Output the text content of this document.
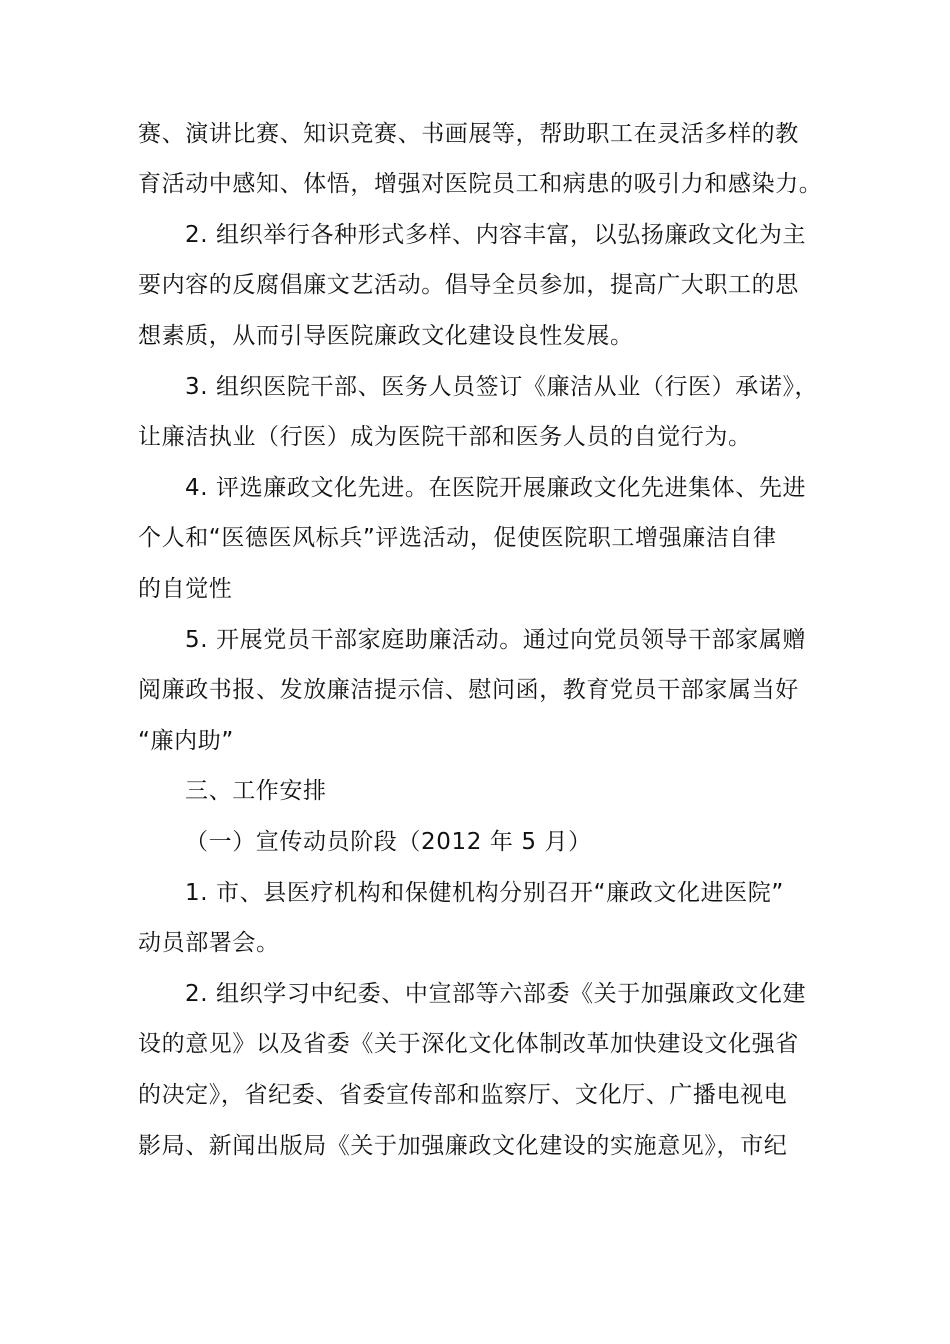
赛、演讲比赛、知识竞赛、书画展等，帮助职工在灵活多样的教
育活动中感知、体悟，增强对医院员工和病患的吸引力和感染力。
2. 组织举行各种形式多样、内容丰富，以弘扬廉政文化为主
要内容的反腐倡廉文艺活动。倡导全员参加，提高广大职工的思
想素质，从而引导医院廉政文化建设良性发展。
3. 组织医院干部、医务人员签订《廉洁从业（行医）承诺》，
让廉洁执业（行医）成为医院干部和医务人员的自觉行为。
4. 评选廉政文化先进。在医院开展廉政文化先进集体、先进
个人和“医德医风标兵”评选活动，促使医院职工增强廉洁自律
的自觉性
5. 开展党员干部家庭助廉活动。通过向党员领导干部家属赠
阅廉政书报、发放廉洁提示信、慰问函，教育党员干部家属当好
“廉内助”
三、工作安排
（一）宣传动员阶段（2012 年 5 月）
1. 市、县医疗机构和保健机构分别召开“廉政文化进医院”
动员部署会。
2. 组织学习中纪委、中宣部等六部委《关于加强廉政文化建
设的意见》以及省委《关于深化文化体制改革加快建设文化强省
的决定》，省纪委、省委宣传部和监察厅、文化厅、广播电视电
影局、新闻出版局《关于加强廉政文化建设的实施意见》，市纪
